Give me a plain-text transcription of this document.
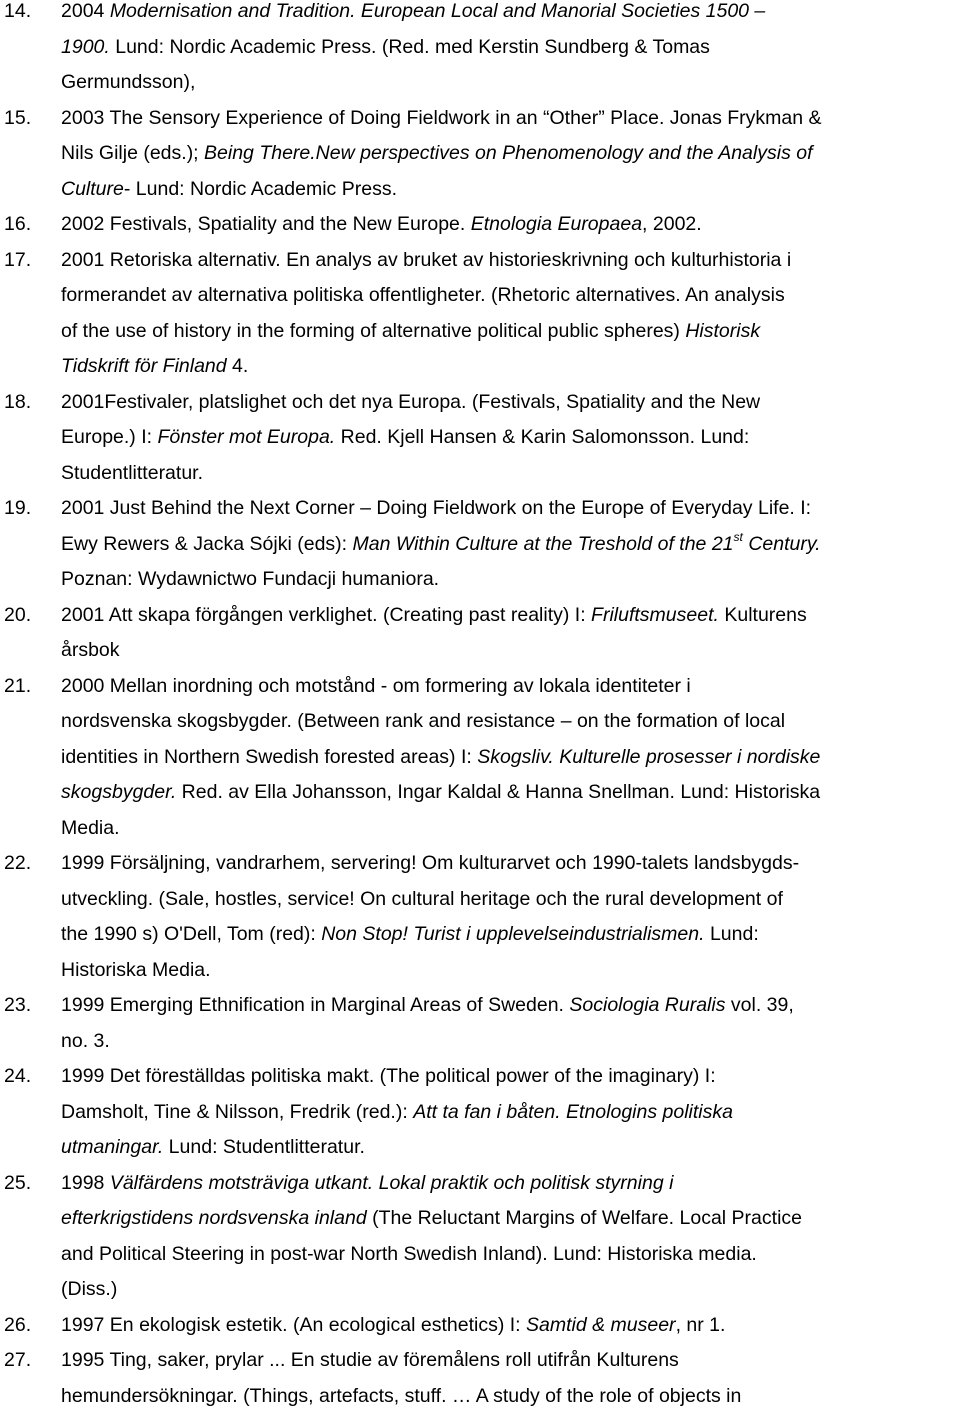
14. 2004 Modernisation and Tradition. European Local and Manorial Societies 1500 –
1900. Lund: Nordic Academic Press. (Red. med Kerstin Sundberg & Tomas
Germundsson),
15. 2003 The Sensory Experience of Doing Fieldwork in an “Other” Place. Jonas Frykman &
Nils Gilje (eds.); Being There.New perspectives on Phenomenology and the Analysis of
Culture- Lund: Nordic Academic Press.
16. 2002 Festivals, Spatiality and the New Europe. Etnologia Europaea, 2002.
17. 2001 Retoriska alternativ. En analys av bruket av historieskrivning och kulturhistoria i
formerandet av alternativa politiska offentligheter. (Rhetoric alternatives. An analysis
of the use of history in the forming of alternative political public spheres) Historisk
Tidskrift för Finland 4.
18. 2001Festivaler, platslighet och det nya Europa. (Festivals, Spatiality and the New
Europe.) I: Fönster mot Europa. Red. Kjell Hansen & Karin Salomonsson. Lund:
Studentlitteratur.
19. 2001 Just Behind the Next Corner – Doing Fieldwork on the Europe of Everyday Life. I:
Ewy Rewers & Jacka Sójki (eds): Man Within Culture at the Treshold of the 21st Century.
Poznan: Wydawnictwo Fundacji humaniora.
20. 2001 Att skapa förgången verklighet. (Creating past reality) I: Friluftsmuseet. Kulturens
årsbok
21. 2000 Mellan inordning och motstånd - om formering av lokala identiteter i
nordsvenska skogsbygder. (Between rank and resistance – on the formation of local
identities in Northern Swedish forested areas) I: Skogsliv. Kulturelle prosesser i nordiske
skogsbygder. Red. av Ella Johansson, Ingar Kaldal & Hanna Snellman. Lund: Historiska
Media.
22. 1999 Försäljning, vandrarhem, servering! Om kulturarvet och 1990-talets landsbygds-
utveckling. (Sale, hostles, service! On cultural heritage och the rural development of
the 1990 s) O'Dell, Tom (red): Non Stop! Turist i upplevelseindustrialismen. Lund:
Historiska Media.
23. 1999 Emerging Ethnification in Marginal Areas of Sweden. Sociologia Ruralis vol. 39,
no. 3.
24. 1999 Det föreställdas politiska makt. (The political power of the imaginary) I:
Damsholt, Tine & Nilsson, Fredrik (red.): Att ta fan i båten. Etnologins politiska
utmaningar. Lund: Studentlitteratur.
25. 1998 Välfärdens motsträviga utkant. Lokal praktik och politisk styrning i
efterkrigstidens nordsvenska inland (The Reluctant Margins of Welfare. Local Practice
and Political Steering in post-war North Swedish Inland). Lund: Historiska media.
(Diss.)
26. 1997 En ekologisk estetik. (An ecological esthetics) I: Samtid & museer, nr 1.
27. 1995 Ting, saker, prylar ... En studie av föremålens roll utifrån Kulturens
hemundersökningar. (Things, artefacts, stuff. … A study of the role of objects in
